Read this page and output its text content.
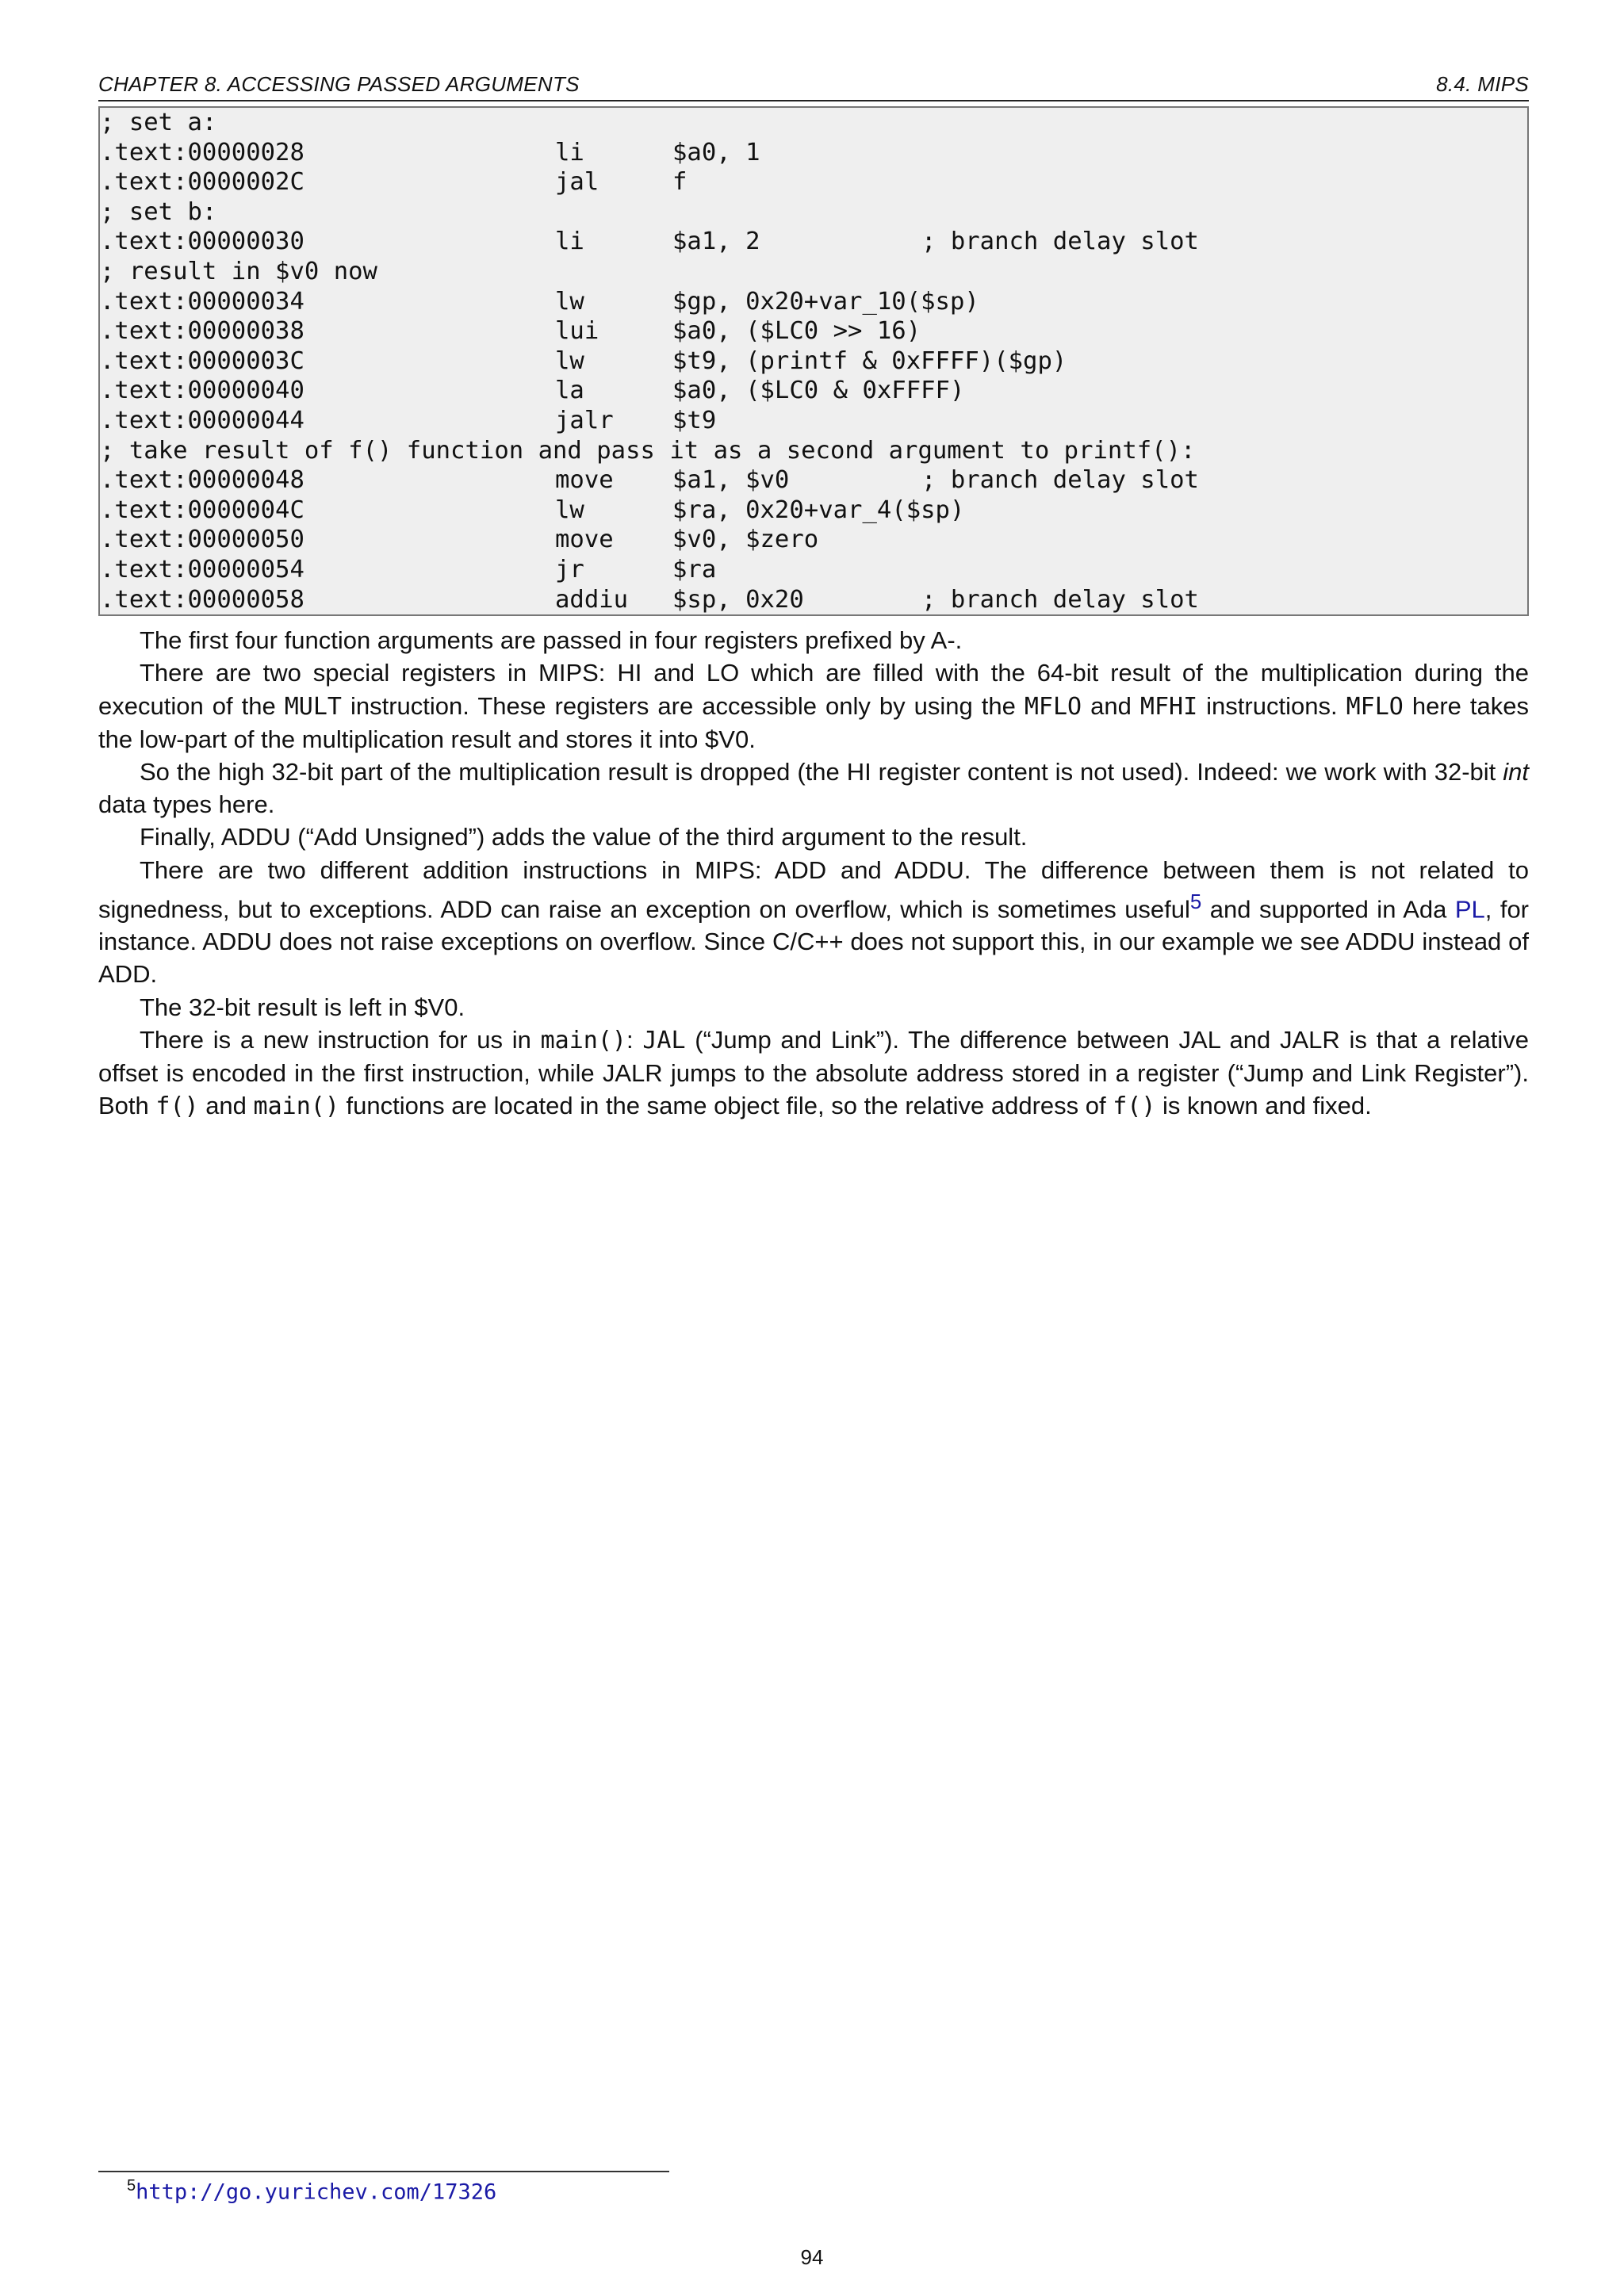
CHAPTER 8. ACCESSING PASSED ARGUMENTS	8.4. MIPS
; set a:
.text:00000028	li	$a0, 1
.text:0000002C	jal	f
; set b:
.text:00000030	li	$a1, 2	; branch delay slot
; result in $v0 now
.text:00000034	lw	$gp, 0x20+var_10($sp)
.text:00000038	lui	$a0, ($LC0 >> 16)
.text:0000003C	lw	$t9, (printf & 0xFFFF)($gp)
.text:00000040	la	$a0, ($LC0 & 0xFFFF)
.text:00000044	jalr $t9
; take result of f() function and pass it as a second argument to printf():
.text:00000048	move $a1, $v0	; branch delay slot
.text:0000004C	lw	$ra, 0x20+var_4($sp)
.text:00000050	move $v0, $zero
.text:00000054	jr	$ra
.text:00000058	addiu $sp, 0x20	; branch delay slot

The first four function arguments are passed in four registers prefixed by A-.

There are two special registers in MIPS: HI and LO which are filled with the 64-bit result of the multiplication during the execution of the MULT instruction. These registers are accessible only by using the MFLO and MFHI instructions. MFLO here takes the low-part of the multiplication result and stores it into $V0.

So the high 32-bit part of the multiplication result is dropped (the HI register content is not used). Indeed: we work with 32-bit int data types here.

Finally, ADDU (“Add Unsigned”) adds the value of the third argument to the result.

There are two different addition instructions in MIPS: ADD and ADDU. The difference between them is not related to signedness, but to exceptions. ADD can raise an exception on overflow, which is sometimes useful$^5$ and supported in Ada PL, for instance. ADDU does not raise exceptions on overflow. Since C/C++ does not support this, in our example we see ADDU instead of ADD.

The 32-bit result is left in $V0.

There is a new instruction for us in main(): JAL (“Jump and Link”). The difference between JAL and JALR is that a relative offset is encoded in the first instruction, while JALR jumps to the absolute address stored in a register (“Jump and Link Register”). Both f() and main() functions are located in the same object file, so the relative address of f() is known and fixed.

$^5$http://go.yurichev.com/17326
94
